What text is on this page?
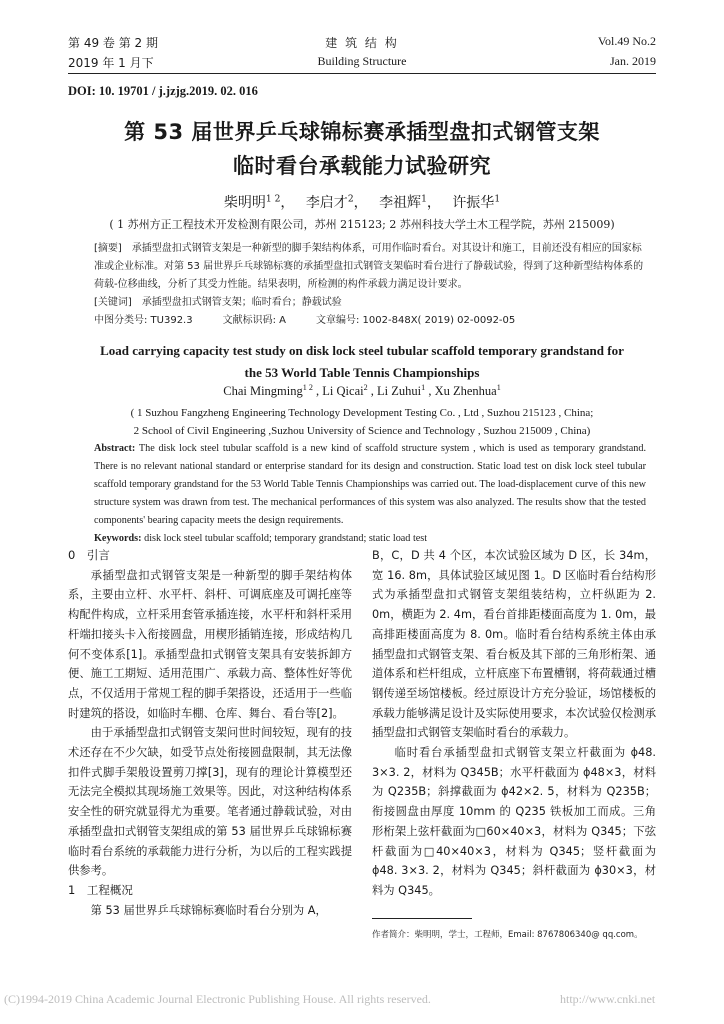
第 49 卷 第 2 期
2019 年 1 月下
建 筑 结 构
Building Structure
Vol.49 No.2
Jan. 2019
DOI: 10. 19701 / j.jzjg.2019. 02. 016
第 53 届世界乒乓球锦标赛承插型盘扣式钢管支架
临时看台承载能力试验研究
柴明明$^{1 2}$，　 李启才$^2$，　 李祖辉$^1$，　 许振华$^1$
( 1 苏州方正工程技术开发检测有限公司，苏州 215123; 2 苏州科技大学土木工程学院，苏州 215009)
[摘要]　 承插型盘扣式钢管支架是一种新型的脚手架结构体系，可用作临时看台。对其设计和施工，目前还没有相应的国家标准或企业标准。对第 53 届世界乒乓球锦标赛的承插型盘扣式钢管支架临时看台进行了静载试验，得到了这种新型结构体系的荷载-位移曲线，分析了其受力性能。结果表明，所检测的构件承载力满足设计要求。
[关键词]　 承插型盘扣式钢管支架；临时看台；静载试验
中图分类号: TU392.3　　　	文献标识码: A　　　	文章编号: 1002-848X( 2019) 02-0092-05
Load carrying capacity test study on disk lock steel tubular scaffold temporary grandstand for
the 53 World Table Tennis Championships
Chai Mingming$^{1 2}$ , Li Qicai$^2$ , Li Zuhui$^1$ , Xu Zhenhua$^1$
( 1 Suzhou Fangzheng Engineering Technology Development Testing Co. , Ltd , Suzhou 215123 , China;
2 School of Civil Engineering ,Suzhou University of Science and Technology , Suzhou 215009 , China)
Abstract: The disk lock steel tubular scaffold is a new kind of scaffold structure system , which is used as temporary grandstand. There is no relevant national standard or enterprise standard for its design and construction. Static load test on disk lock steel tubular scaffold temporary grandstand for the 53 World Table Tennis Championships was carried out. The load-displacement curve of this new structure system was drawn from test. The mechanical performances of this system was also analyzed. The results show that the tested components' bearing capacity meets the design requirements.
Keywords: disk lock steel tubular scaffold; temporary grandstand; static load test
0　引言

承插型盘扣式钢管支架是一种新型的脚手架结构体系，主要由立杆、水平杆、斜杆、可调底座及可调托座等构配件构成，立杆采用套管承插连接，水平杆和斜杆采用杆端扣接头卡入衔接圆盘，用楔形插销连接，形成结构几何不变体系[1]。承插型盘扣式钢管支架具有安装拆卸方便、施工工期短、适用范围广、承载力高、整体性好等优点，不仅适用于常规工程的脚手架搭设，还适用于一些临时建筑的搭设，如临时车棚、仓库、舞台、看台等[2]。

由于承插型盘扣式钢管支架问世时间较短，现有的技术还存在不少欠缺，如受节点处衔接圆盘限制，其无法像扣件式脚手架般设置剪刀撑[3]，现有的理论计算模型还无法完全模拟其现场施工效果等。因此，对这种结构体系安全性的研究就显得尤为重要。笔者通过静载试验，对由承插型盘扣式钢管支架组成的第 53 届世界乒乓球锦标赛临时看台系统的承载能力进行分析，为以后的工程实践提供参考。

1　工程概况

第 53 届世界乒乓球锦标赛临时看台分别为 A，

B，C，D 共 4 个区，本次试验区域为 D 区，长 34m，宽 16. 8m，具体试验区域见图 1。D 区临时看台结构形式为承插型盘扣式钢管支架组装结构，立杆纵距为 2. 0m，横距为 2. 4m，看台首排距楼面高度为 1. 0m，最高排距楼面高度为 8. 0m。临时看台结构系统主体由承插型盘扣式钢管支架、看台板及其下部的三角形桁架、通道体系和栏杆组成，立杆底座下布置槽钢，将荷载通过槽钢传递至场馆楼板。经过原设计方充分验证，场馆楼板的承载力能够满足设计及实际使用要求，本次试验仅检测承插型盘扣式钢管支架临时看台的承载力。

临时看台承插型盘扣式钢管支架立杆截面为 ϕ48. 3×3. 2，材料为 Q345B；水平杆截面为 ϕ48×3，材料为 Q235B；斜撑截面为 ϕ42×2. 5，材料为 Q235B；衔接圆盘由厚度 10mm 的 Q235 铁板加工而成。三角形桁架上弦杆截面为□60×40×3，材料为 Q345；下弦杆截面为□40×40×3，材料为 Q345；竖杆截面为 ϕ48. 3×3. 2，材料为 Q345；斜杆截面为 ϕ30×3，材料为 Q345。

作者简介：柴明明，学士，工程师，Email: 8767806340@ qq.com。
(C)1994-2019 China Academic Journal Electronic Publishing House. All rights reserved.	http://www.cnki.net
